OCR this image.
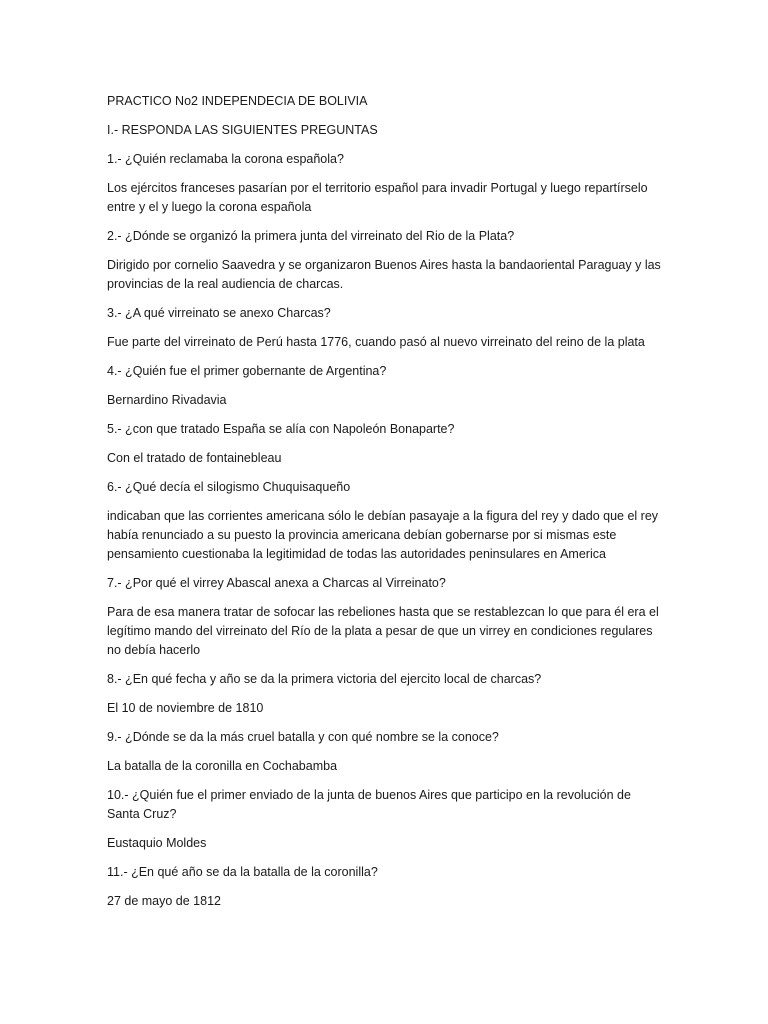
PRACTICO No2 INDEPENDECIA DE BOLIVIA

I.- RESPONDA LAS SIGUIENTES PREGUNTAS

1.- ¿Quién reclamaba la corona española?

Los ejércitos franceses pasarían por el territorio español para invadir Portugal y luego repartírselo entre y el y luego la corona española

2.- ¿Dónde se organizó la primera junta del virreinato del Rio de la Plata?

Dirigido por cornelio Saavedra y se organizaron Buenos Aires hasta la bandaoriental Paraguay y las provincias de la real audiencia de charcas.

3.- ¿A qué virreinato se anexo Charcas?

Fue parte del virreinato de Perú hasta 1776, cuando pasó al nuevo virreinato del reino de la plata

4.- ¿Quién fue el primer gobernante de Argentina?

Bernardino Rivadavia

5.- ¿con que tratado España se alía con Napoleón Bonaparte?

Con el tratado de fontainebleau

6.- ¿Qué decía el silogismo Chuquisaqueño

indicaban que las corrientes americana sólo le debían pasayaje a la figura del rey y dado que el rey había renunciado a su puesto la provincia americana debían gobernarse por si mismas este pensamiento cuestionaba la legitimidad de todas las autoridades peninsulares en America

7.- ¿Por qué el virrey Abascal anexa a Charcas al Virreinato?

Para de esa manera tratar de sofocar las rebeliones hasta que se restablezcan lo que para él era el legítimo mando del virreinato del Río de la plata a pesar de que un virrey en condiciones regulares no debía hacerlo

8.- ¿En qué fecha y año se da la primera victoria del ejercito local de charcas?

El 10 de noviembre de 1810

9.- ¿Dónde se da la más cruel batalla y con qué nombre se la conoce?

La batalla de la coronilla en Cochabamba

10.- ¿Quién fue el primer enviado de la junta de buenos Aires que participo en la revolución de Santa Cruz?

Eustaquio Moldes

11.- ¿En qué año se da la batalla de la coronilla?

27 de mayo de 1812
